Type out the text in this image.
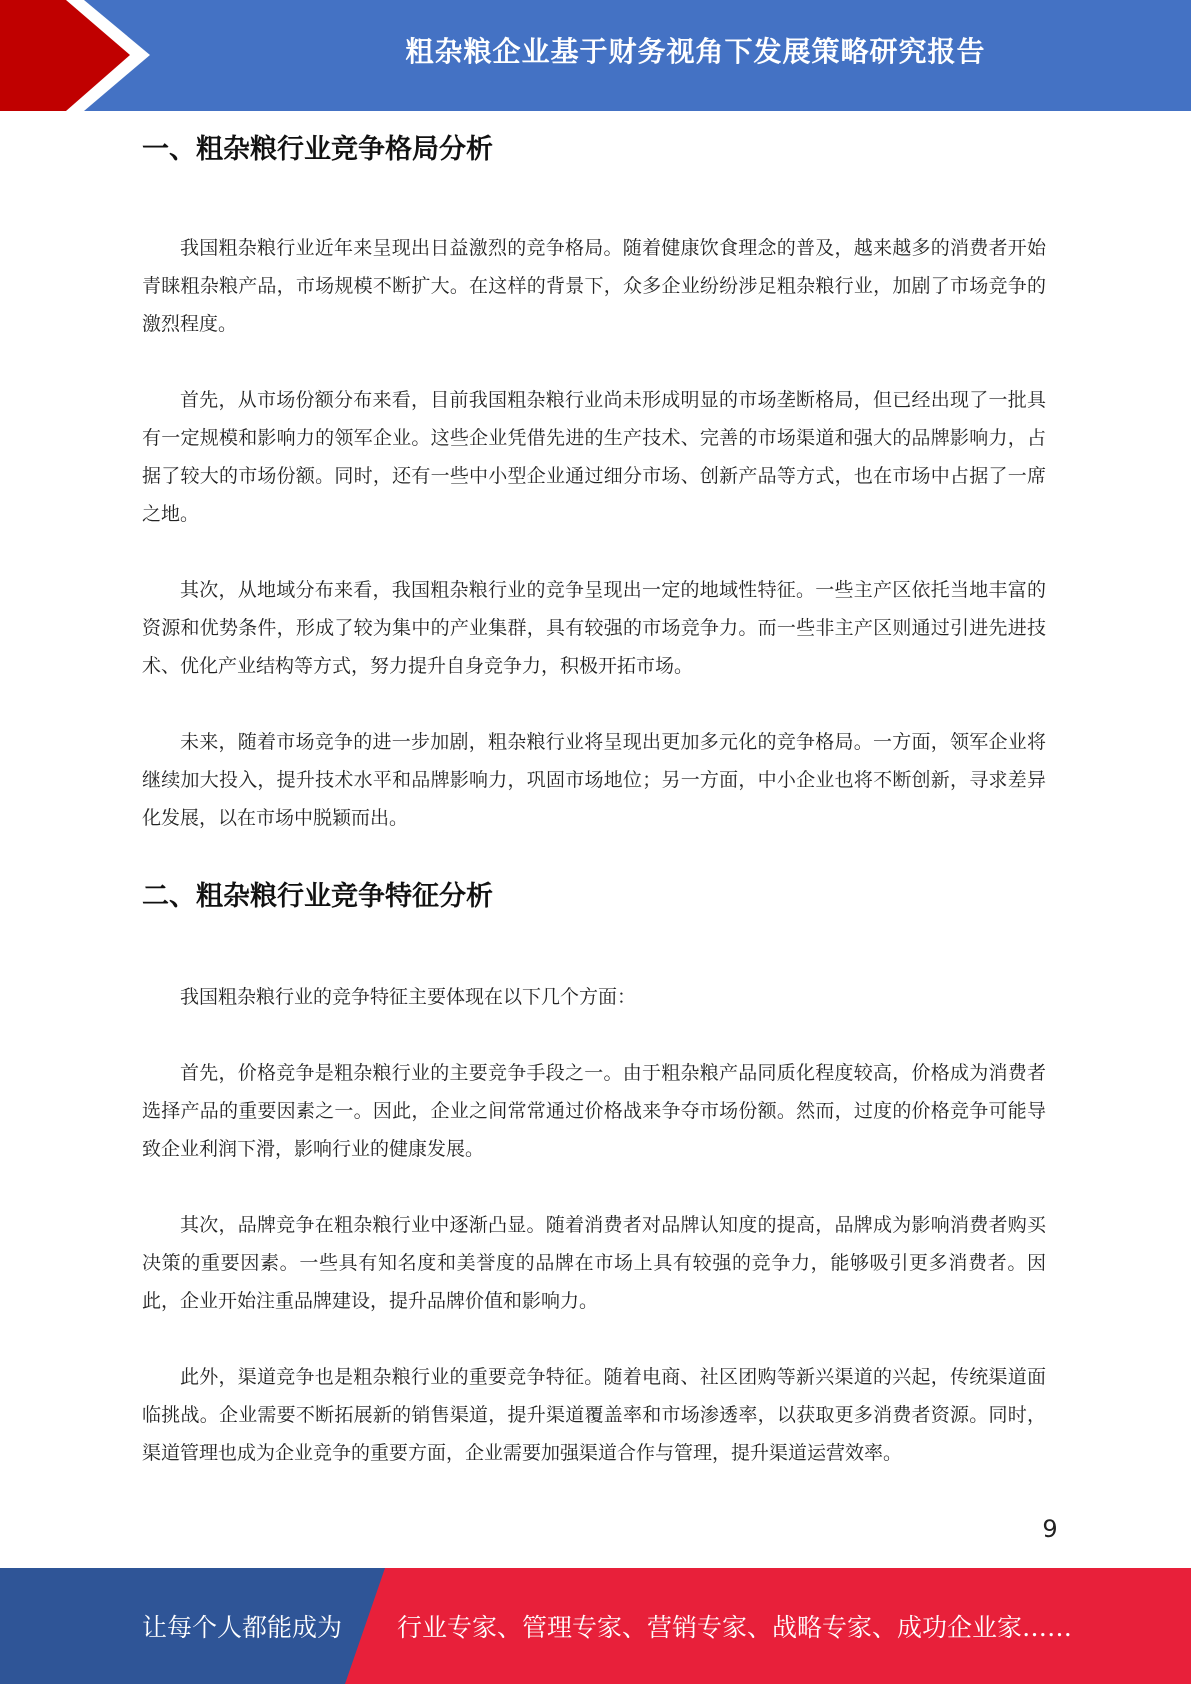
粗杂粮企业基于财务视角下发展策略研究报告
一、粗杂粮行业竞争格局分析

我国粗杂粮行业近年来呈现出日益激烈的竞争格局。随着健康饮食理念的普及，越来越多的消费者开始青睐粗杂粮产品，市场规模不断扩大。在这样的背景下，众多企业纷纷涉足粗杂粮行业，加剧了市场竞争的激烈程度。

首先，从市场份额分布来看，目前我国粗杂粮行业尚未形成明显的市场垄断格局，但已经出现了一批具有一定规模和影响力的领军企业。这些企业凭借先进的生产技术、完善的市场渠道和强大的品牌影响力，占据了较大的市场份额。同时，还有一些中小型企业通过细分市场、创新产品等方式，也在市场中占据了一席之地。

其次，从地域分布来看，我国粗杂粮行业的竞争呈现出一定的地域性特征。一些主产区依托当地丰富的资源和优势条件，形成了较为集中的产业集群，具有较强的市场竞争力。而一些非主产区则通过引进先进技术、优化产业结构等方式，努力提升自身竞争力，积极开拓市场。

未来，随着市场竞争的进一步加剧，粗杂粮行业将呈现出更加多元化的竞争格局。一方面，领军企业将继续加大投入，提升技术水平和品牌影响力，巩固市场地位；另一方面，中小企业也将不断创新，寻求差异化发展，以在市场中脱颖而出。

二、粗杂粮行业竞争特征分析

我国粗杂粮行业的竞争特征主要体现在以下几个方面：

首先，价格竞争是粗杂粮行业的主要竞争手段之一。由于粗杂粮产品同质化程度较高，价格成为消费者选择产品的重要因素之一。因此，企业之间常常通过价格战来争夺市场份额。然而，过度的价格竞争可能导致企业利润下滑，影响行业的健康发展。

其次，品牌竞争在粗杂粮行业中逐渐凸显。随着消费者对品牌认知度的提高，品牌成为影响消费者购买决策的重要因素。一些具有知名度和美誉度的品牌在市场上具有较强的竞争力，能够吸引更多消费者。因此，企业开始注重品牌建设，提升品牌价值和影响力。

此外，渠道竞争也是粗杂粮行业的重要竞争特征。随着电商、社区团购等新兴渠道的兴起，传统渠道面临挑战。企业需要不断拓展新的销售渠道，提升渠道覆盖率和市场渗透率，以获取更多消费者资源。同时，渠道管理也成为企业竞争的重要方面，企业需要加强渠道合作与管理，提升渠道运营效率。

9
让每个人都能成为 行业专家、管理专家、营销专家、战略专家、成功企业家……
